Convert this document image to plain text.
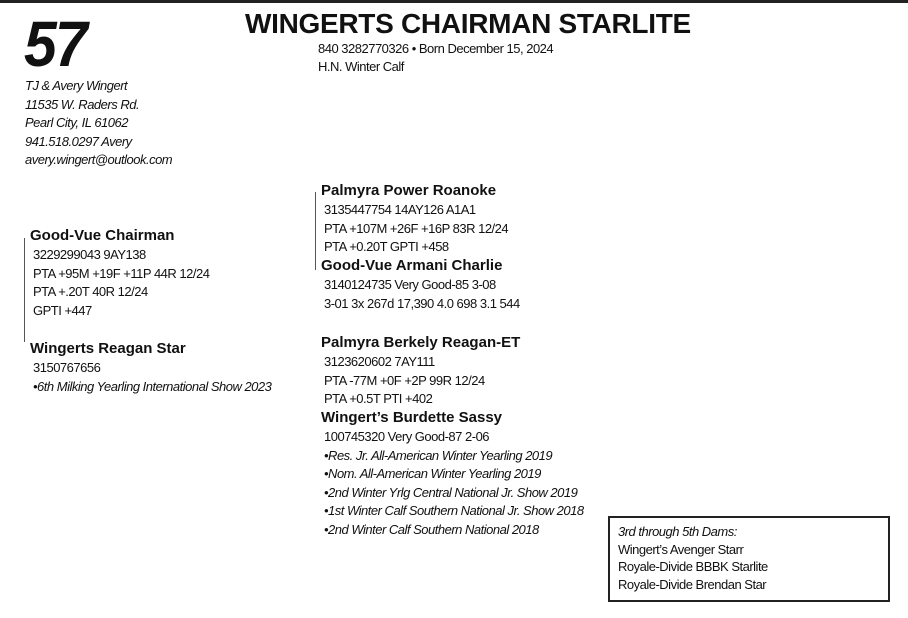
57
TJ & Avery Wingert
11535 W. Raders Rd.
Pearl City, IL 61062
941.518.0297 Avery
avery.wingert@outlook.com
WINGERTS CHAIRMAN STARLITE
840 3282770326 • Born December 15, 2024
H.N. Winter Calf
Good-Vue Chairman
3229299043 9AY138
PTA +95M +19F +11P 44R 12/24
PTA +.20T 40R 12/24
GPTI +447
Wingerts Reagan Star
3150767656
•6th Milking Yearling International Show 2023
Palmyra Power Roanoke
3135447754 14AY126 A1A1
PTA +107M +26F +16P 83R 12/24
PTA +0.20T GPTI +458
Good-Vue Armani Charlie
3140124735 Very Good-85 3-08
3-01 3x 267d 17,390 4.0 698 3.1 544
Palmyra Berkely Reagan-ET
3123620602 7AY111
PTA -77M +0F +2P 99R 12/24
PTA +0.5T PTI +402
Wingert’s Burdette Sassy
100745320 Very Good-87 2-06
•Res. Jr. All-American Winter Yearling 2019
•Nom. All-American Winter Yearling 2019
•2nd Winter Yrlg Central National Jr. Show 2019
•1st Winter Calf Southern National Jr. Show 2018
•2nd Winter Calf Southern National 2018	3rd through 5th Dams:
Wingert’s Avenger Starr
Royale-Divide BBBK Starlite
Royale-Divide Brendan Star
